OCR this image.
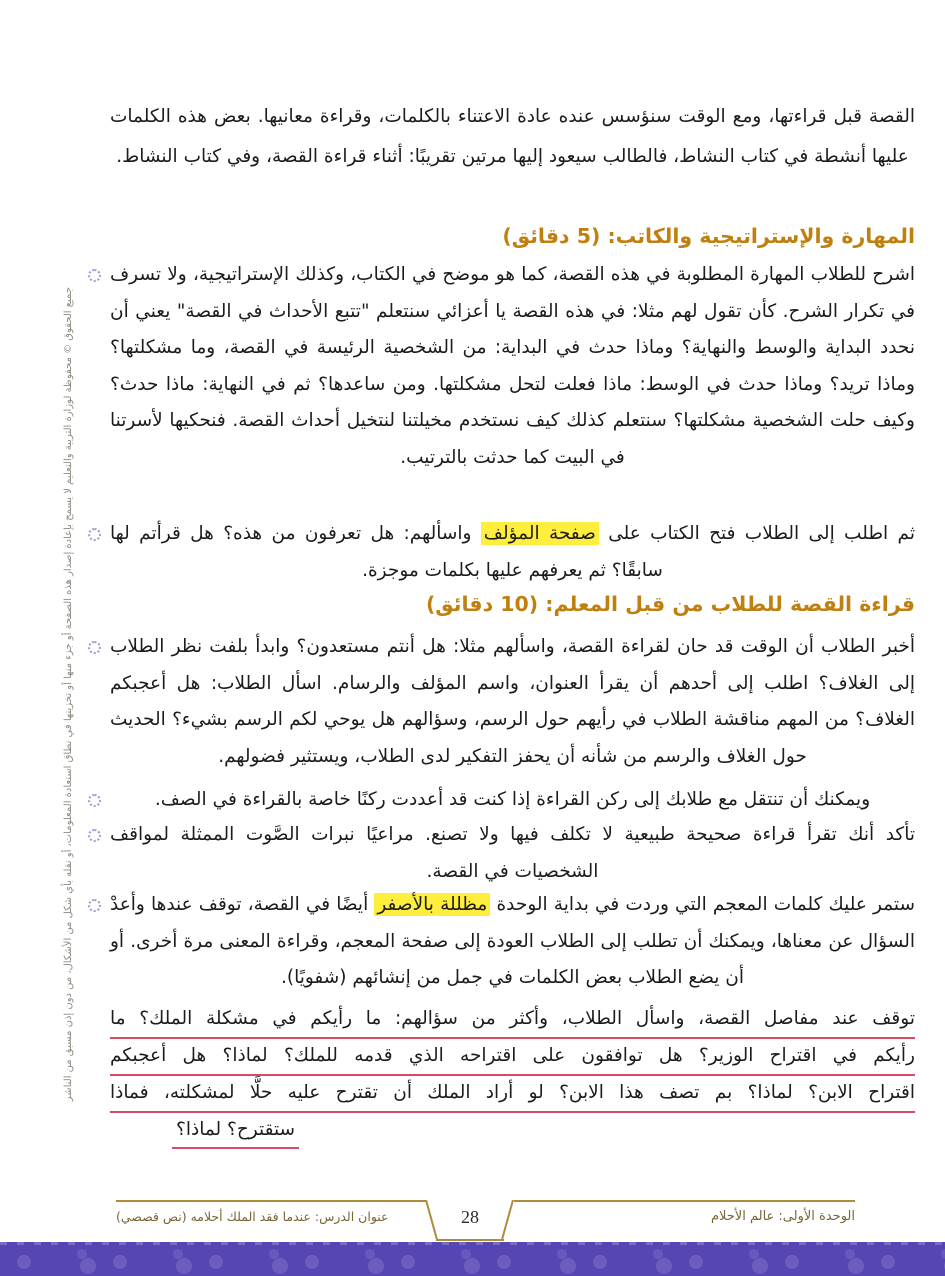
جميع الحقوق © محفوظة لوزارة التربية والتعليم لا يسمح بإعادة إصدار هذه الصفحة أو جزء منها أو تخزينها في نطاق استعادة المعلومات، أو نقله بأي شكل من الأشكال، من دون إذن مسبق من الناشر
القصة قبل قراءتها، ومع الوقت سنؤسس عنده عادة الاعتناء بالكلمات، وقراءة معانيها. بعض هذه الكلمات عليها أنشطة في كتاب النشاط، فالطالب سيعود إليها مرتين تقريبًا: أثناء قراءة القصة، وفي كتاب النشاط.
المهارة والإستراتيجية والكاتب: (5 دقائق)
اشرح للطلاب المهارة المطلوبة في هذه القصة، كما هو موضح في الكتاب، وكذلك الإستراتيجية، ولا تسرف في تكرار الشرح. كأن تقول لهم مثلا: في هذه القصة يا أعزائي سنتعلم "تتبع الأحداث في القصة" يعني أن نحدد البداية والوسط والنهاية؟ وماذا حدث في البداية: من الشخصية الرئيسة في القصة، وما مشكلتها؟ وماذا تريد؟ وماذا حدث في الوسط: ماذا فعلت لتحل مشكلتها. ومن ساعدها؟ ثم في النهاية: ماذا حدث؟ وكيف حلت الشخصية مشكلتها؟ سنتعلم كذلك كيف نستخدم مخيلتنا لنتخيل أحداث القصة. فنحكيها لأسرتنا في البيت كما حدثت بالترتيب.
ثم اطلب إلى الطلاب فتح الكتاب على صفحة المؤلف واسألهم: هل تعرفون من هذه؟ هل قرأتم لها سابقًا؟ ثم يعرفهم عليها بكلمات موجزة.
قراءة القصة للطلاب من قبل المعلم: (10 دقائق)
أخبر الطلاب أن الوقت قد حان لقراءة القصة، واسألهم مثلا: هل أنتم مستعدون؟ وابدأ بلفت نظر الطلاب إلى الغلاف؟ اطلب إلى أحدهم أن يقرأ العنوان، واسم المؤلف والرسام. اسأل الطلاب: هل أعجبكم الغلاف؟ من المهم مناقشة الطلاب في رأيهم حول الرسم، وسؤالهم هل يوحي لكم الرسم بشيء؟ الحديث حول الغلاف والرسم من شأنه أن يحفز التفكير لدى الطلاب، ويستثير فضولهم.
ويمكنك أن تنتقل مع طلابك إلى ركن القراءة إذا كنت قد أعددت ركنًا خاصة بالقراءة في الصف.
تأكد أنك تقرأ قراءة صحيحة طبيعية لا تكلف فيها ولا تصنع. مراعيًا نبرات الصَّوت الممثلة لمواقف الشخصيات في القصة.
ستمر عليك كلمات المعجم التي وردت في بداية الوحدة مظللة بالأصفر أيضًا في القصة، توقف عندها وأعدْ السؤال عن معناها، ويمكنك أن تطلب إلى الطلاب العودة إلى صفحة المعجم، وقراءة المعنى مرة أخرى. أو أن يضع الطلاب بعض الكلمات في جمل من إنشائهم (شفويًا).
توقف عند مفاصل القصة، واسأل الطلاب، وأكثر من سؤالهم: ما رأيكم في مشكلة الملك؟ ما
رأيكم في اقتراح الوزير؟ هل توافقون على اقتراحه الذي قدمه للملك؟ لماذا؟ هل أعجبكم
اقتراح الابن؟ لماذا؟ بم تصف هذا الابن؟ لو أراد الملك أن تقترح عليه حلًّا لمشكلته، فماذا
ستقترح؟ لماذا؟
28
عنوان الدرس: عندما فقد الملك أحلامه (نص قصصي)	الوحدة الأولى: عالم الأحلام
